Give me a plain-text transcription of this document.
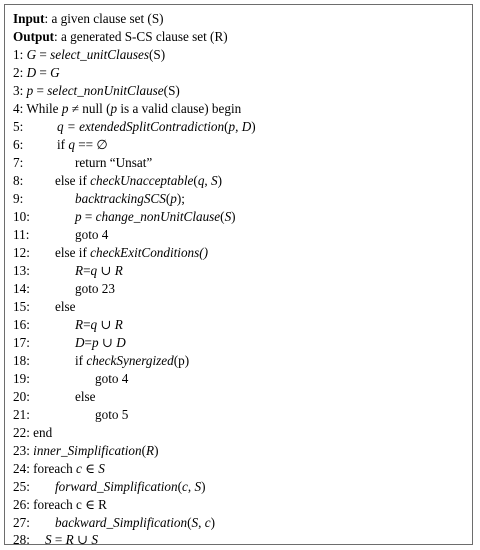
Input: a given clause set (S)
Output: a generated S-CS clause set (R)
1: G = select_unitClauses(S)
2: D = G
3: p = select_nonUnitClause(S)
4: While p ≠ null (p is a valid clause) begin
5:	q = extendedSplitContradiction(p, D)
6:	if q == ∅
7:	return “Unsat”
8: else if checkUnacceptable(q, S)
9:	backtrackingSCS(p);
10:	p = change_nonUnitClause(S)
11:	goto 4
12: else if checkExitConditions()
13:	R=q ∪ R
14:	goto 23
15: else
16:	R=q ∪ R
17:	D=p ∪ D
18:	if checkSynergized(p)
19:	goto 4
20:	else
21:	goto 5
22: end
23: inner_Simplification(R)
24: foreach c ∈ S
25: forward_Simplification(c, S)
26: foreach c ∈ R
27: backward_Simplification(S, c)
28: S = R ∪ S
